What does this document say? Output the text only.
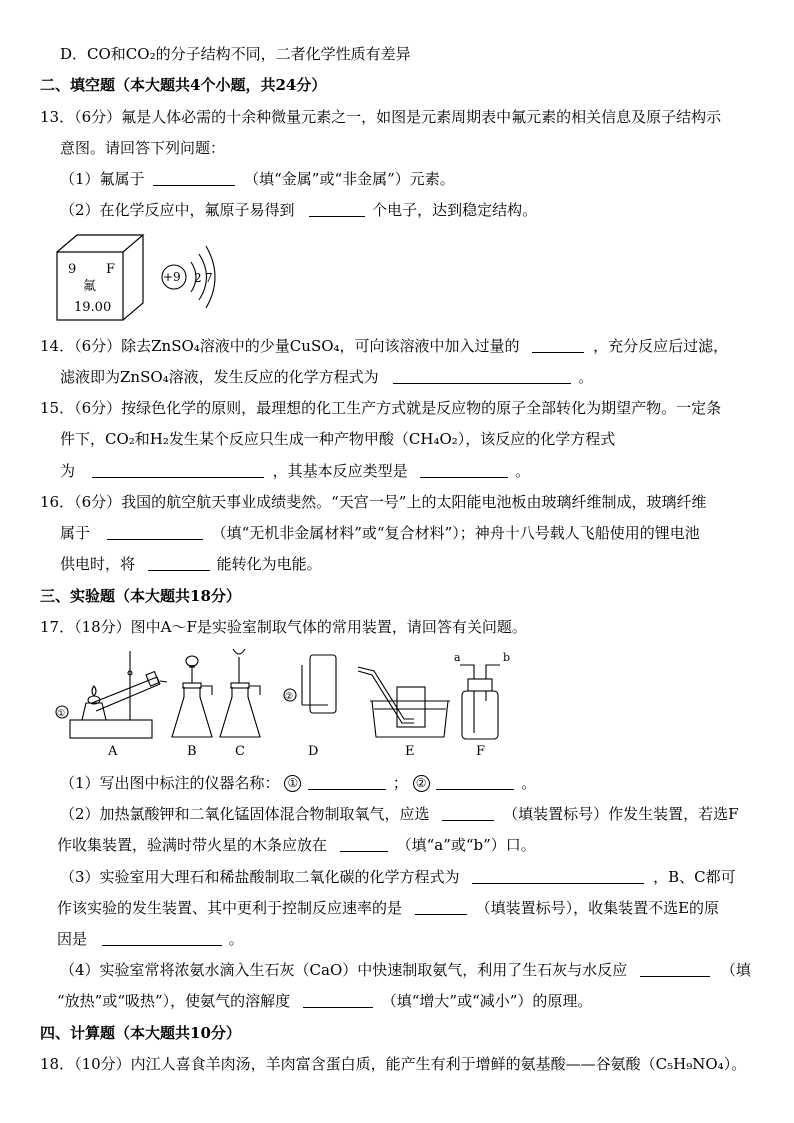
D．CO和CO₂的分子结构不同，二者化学性质有差异
二、填空题（本大题共4个小题，共24分）
13．（6分）氟是人体必需的十余种微量元素之一，如图是元素周期表中氟元素的相关信息及原子结构示
意图。请回答下列问题：
（1）氟属于	（填“金属”或“非金属”）元素。
（2）在化学反应中，氟原子易得到	个电子，达到稳定结构。
9 F
氟
19.00
+9 2 7
14．（6分）除去ZnSO₄溶液中的少量CuSO₄，可向该溶液中加入过量的	，充分反应后过滤，
滤液即为ZnSO₄溶液，发生反应的化学方程式为	。
15．（6分）按绿色化学的原则，最理想的化工生产方式就是反应物的原子全部转化为期望产物。一定条
件下，CO₂和H₂发生某个反应只生成一种产物甲酸（CH₄O₂），该反应的化学方程式
为	，其基本反应类型是	。
16．（6分）我国的航空航天事业成绩斐然。“天宫一号”上的太阳能电池板由玻璃纤维制成，玻璃纤维
属于	（填“无机非金属材料”或“复合材料”）；神舟十八号载人飞船使用的锂电池
供电时，将	能转化为电能。
三、实验题（本大题共18分）
17．（18分）图中A～F是实验室制取气体的常用装置，请回答有关问题。
①
②
a	b
A	B	C	D	E	F
（1）写出图中标注的仪器名称： ①	； ②	。
（2）加热氯酸钾和二氧化锰固体混合物制取氧气，应选	（填装置标号）作发生装置，若选F
作收集装置，验满时带火星的木条应放在	（填“a”或“b”）口。
（3）实验室用大理石和稀盐酸制取二氧化碳的化学方程式为	，B、C都可
作该实验的发生装置、其中更利于控制反应速率的是	（填装置标号），收集装置不选E的原
因是	。
（4）实验室常将浓氨水滴入生石灰（CaO）中快速制取氨气，利用了生石灰与水反应	（填
“放热”或“吸热”），使氨气的溶解度	（填“增大”或“减小”）的原理。
四、计算题（本大题共10分）
18．（10分）内江人喜食羊肉汤，羊肉富含蛋白质，能产生有利于增鲜的氨基酸——谷氨酸（C₅H₉NO₄）。
